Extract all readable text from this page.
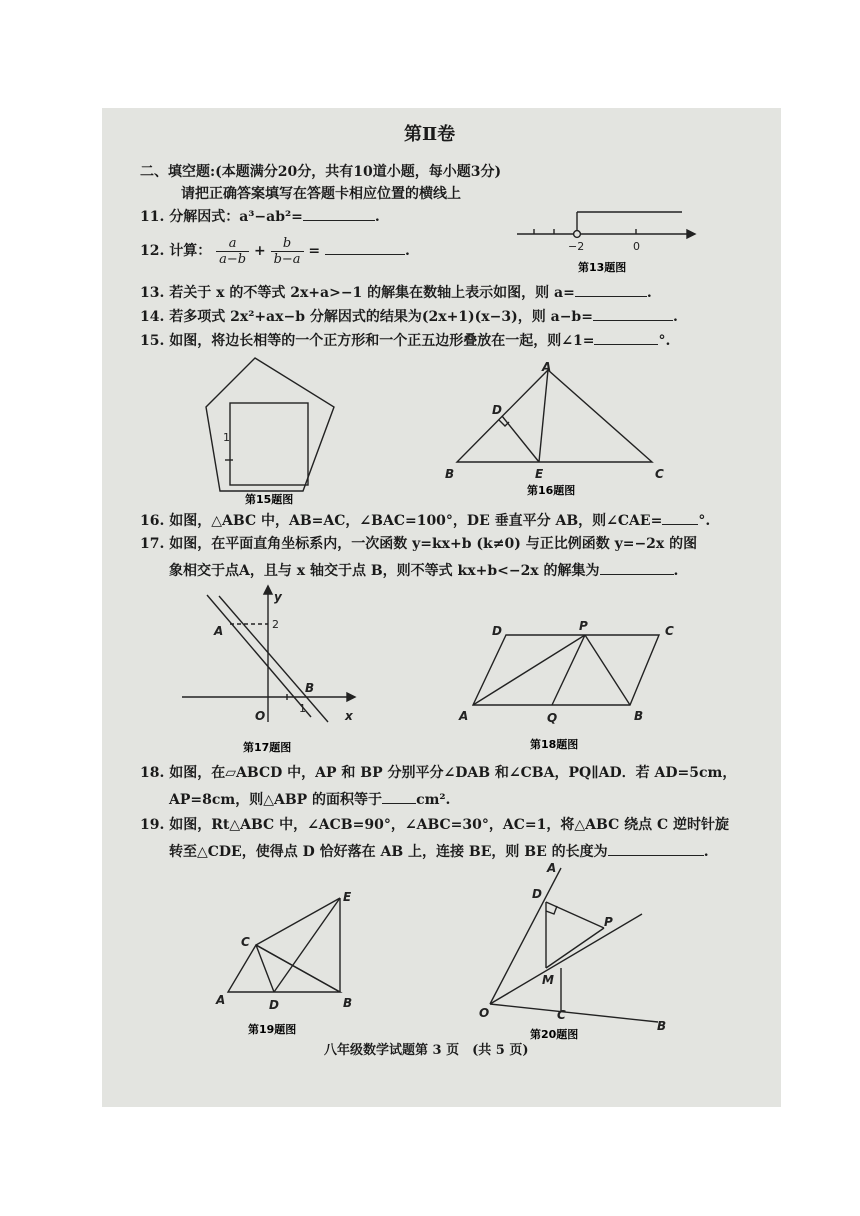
第Ⅱ卷
二、填空题:(本题满分20分，共有10道小题，每小题3分)
请把正确答案填写在答题卡相应位置的横线上
11. 分解因式：a³−ab²=	.
12. 计算： $\frac{a}{a-b} + \frac{b}{b-a}$ =	.
13. 若关于 x 的不等式 2x+a>−1 的解集在数轴上表示如图，则 a=	.
14. 若多项式 2x²+ax−b 分解因式的结果为(2x+1)(x−3)，则 a−b=	.
15. 如图，将边长相等的一个正方形和一个正五边形叠放在一起，则∠1=	°.
16. 如图，△ABC 中，AB=AC，∠BAC=100°，DE 垂直平分 AB，则∠CAE=	°.
17. 如图，在平面直角坐标系内，一次函数 y=kx+b (k≠0) 与正比例函数 y=−2x 的图
象相交于点A，且与 x 轴交于点 B，则不等式 kx+b<−2x 的解集为	.
18. 如图，在▱ABCD 中，AP 和 BP 分别平分∠DAB 和∠CBA，PQ∥AD．若 AD=5cm，
AP=8cm，则△ABP 的面积等于 cm².
19. 如图，Rt△ABC 中，∠ACB=90°，∠ABC=30°，AC=1，将△ABC 绕点 C 逆时针旋
转至△CDE，使得点 D 恰好落在 AB 上，连接 BE，则 BE 的长度为	.
−2	0
第13题图
1
第15题图
A
D
B	E	C
第16题图
y
2
A
B
O
1
x
第17题图
D	P	C
A	Q	B
第18题图
E
C
A	D	B
第19题图
A
D
P
M
O	C
B
第20题图
八年级数学试题第 3 页　(共 5 页)
